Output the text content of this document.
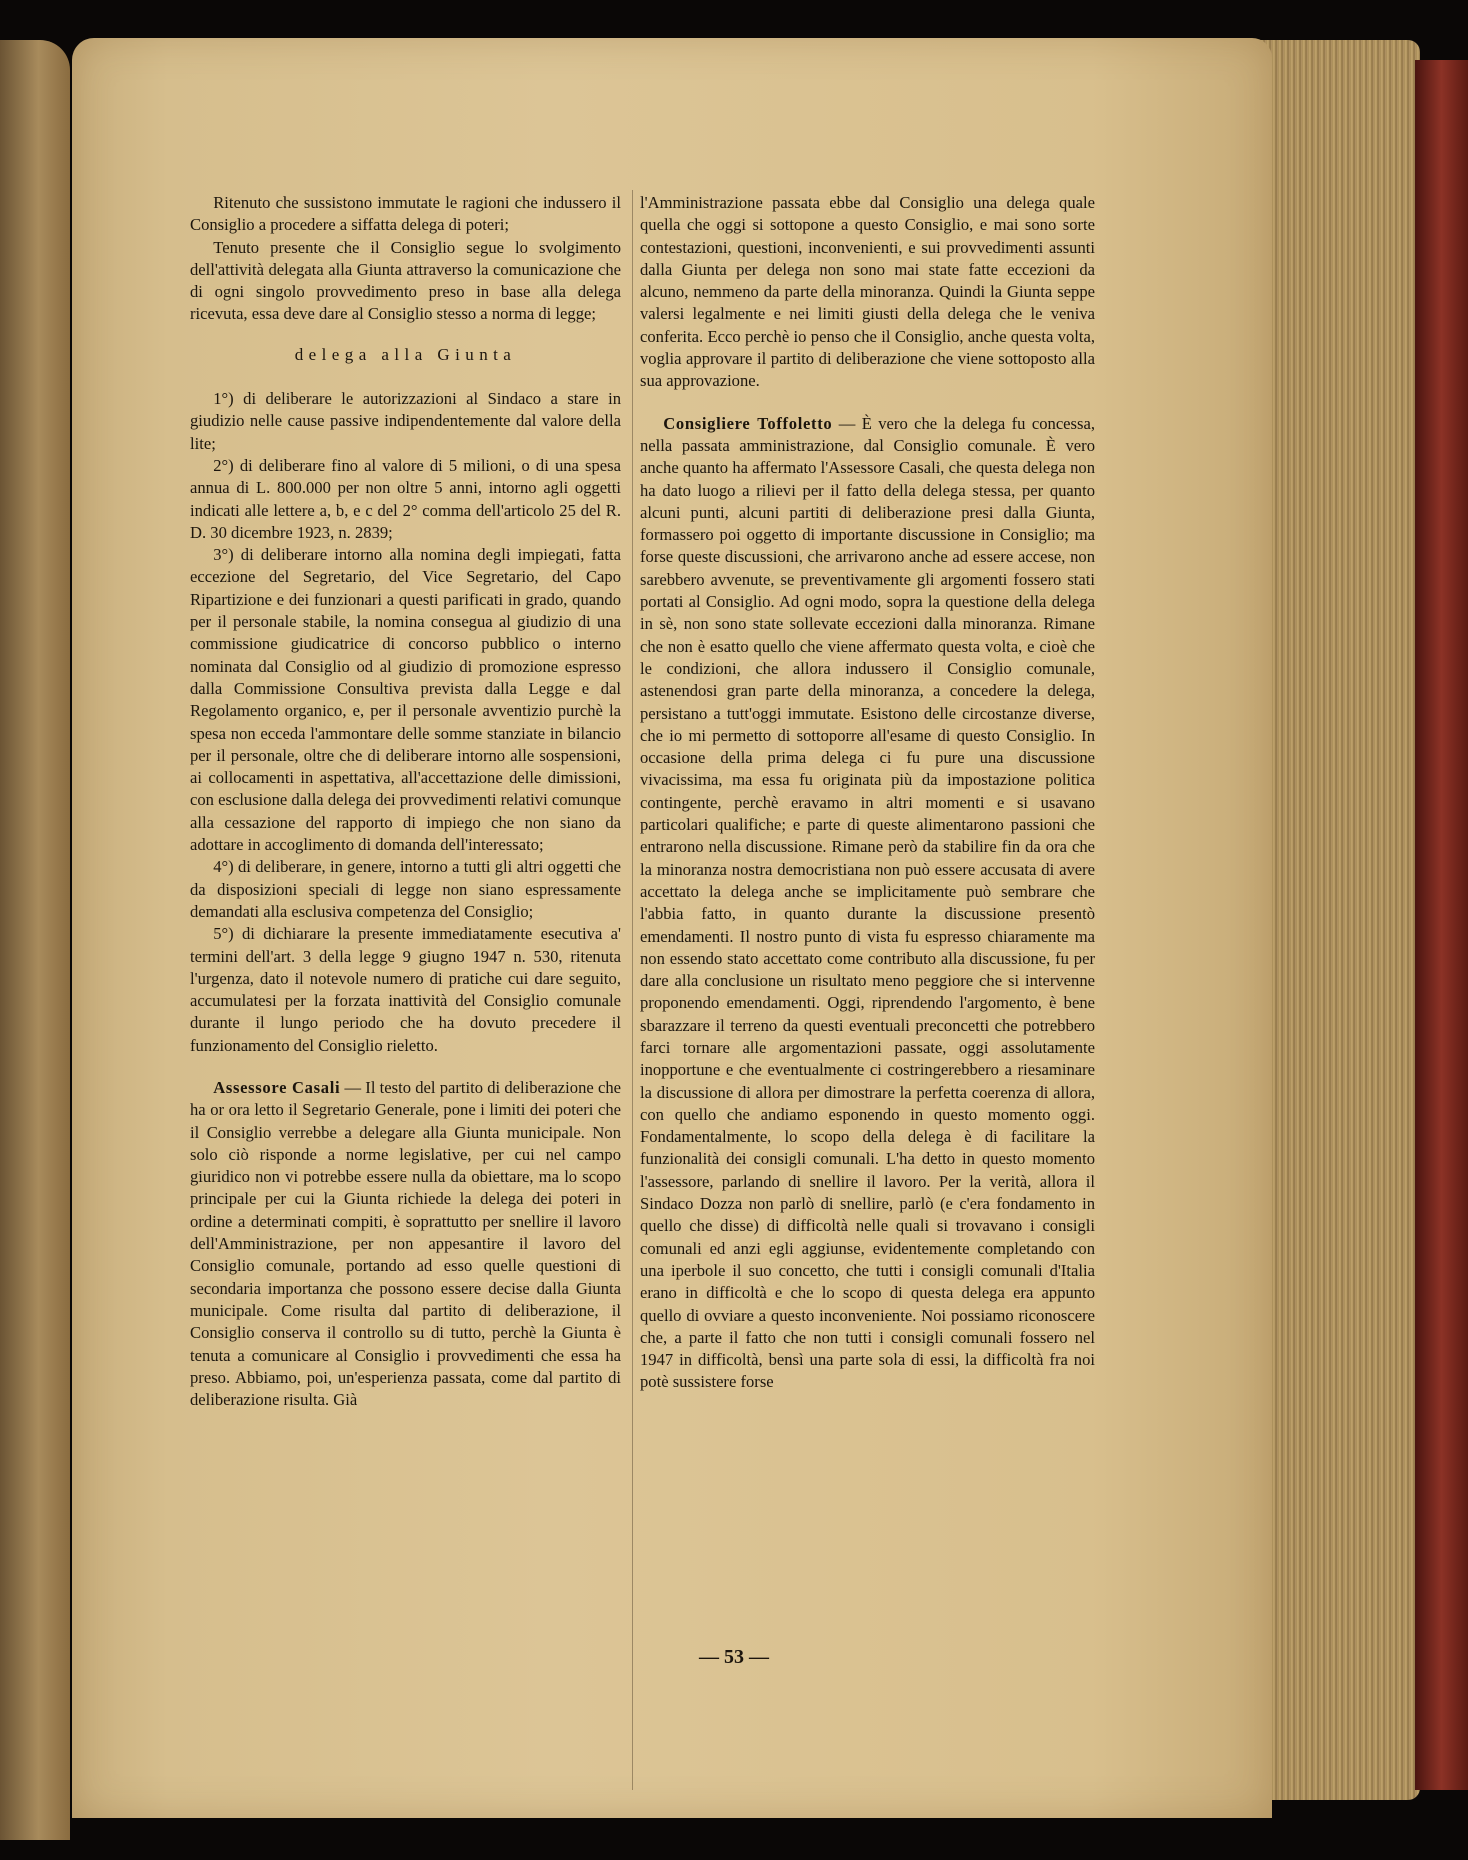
Ritenuto che sussistono immutate le ragioni che indussero il Consiglio a procedere a siffatta delega di poteri;

Tenuto presente che il Consiglio segue lo svolgimento dell'attività delegata alla Giunta attraverso la comunicazione che di ogni singolo provvedimento preso in base alla delega ricevuta, essa deve dare al Consiglio stesso a norma di legge;

delega alla Giunta

1°) di deliberare le autorizzazioni al Sindaco a stare in giudizio nelle cause passive indipendentemente dal valore della lite;

2°) di deliberare fino al valore di 5 milioni, o di una spesa annua di L. 800.000 per non oltre 5 anni, intorno agli oggetti indicati alle lettere a, b, e c del 2° comma dell'articolo 25 del R. D. 30 dicembre 1923, n. 2839;

3°) di deliberare intorno alla nomina degli impiegati, fatta eccezione del Segretario, del Vice Segretario, del Capo Ripartizione e dei funzionari a questi parificati in grado, quando per il personale stabile, la nomina consegua al giudizio di una commissione giudicatrice di concorso pubblico o interno nominata dal Consiglio od al giudizio di promozione espresso dalla Commissione Consultiva prevista dalla Legge e dal Regolamento organico, e, per il personale avventizio purchè la spesa non ecceda l'ammontare delle somme stanziate in bilancio per il personale, oltre che di deliberare intorno alle sospensioni, ai collocamenti in aspettativa, all'accettazione delle dimissioni, con esclusione dalla delega dei provvedimenti relativi comunque alla cessazione del rapporto di impiego che non siano da adottare in accoglimento di domanda dell'interessato;

4°) di deliberare, in genere, intorno a tutti gli altri oggetti che da disposizioni speciali di legge non siano espressamente demandati alla esclusiva competenza del Consiglio;

5°) di dichiarare la presente immediatamente esecutiva a' termini dell'art. 3 della legge 9 giugno 1947 n. 530, ritenuta l'urgenza, dato il notevole numero di pratiche cui dare seguito, accumulatesi per la forzata inattività del Consiglio comunale durante il lungo periodo che ha dovuto precedere il funzionamento del Consiglio rieletto.

Assessore Casali — Il testo del partito di deliberazione che ha or ora letto il Segretario Generale, pone i limiti dei poteri che il Consiglio verrebbe a delegare alla Giunta municipale. Non solo ciò risponde a norme legislative, per cui nel campo giuridico non vi potrebbe essere nulla da obiettare, ma lo scopo principale per cui la Giunta richiede la delega dei poteri in ordine a determinati compiti, è soprattutto per snellire il lavoro dell'Amministrazione, per non appesantire il lavoro del Consiglio comunale, portando ad esso quelle questioni di secondaria importanza che possono essere decise dalla Giunta municipale. Come risulta dal partito di deliberazione, il Consiglio conserva il controllo su di tutto, perchè la Giunta è tenuta a comunicare al Consiglio i provvedimenti che essa ha preso. Abbiamo, poi, un'esperienza passata, come dal partito di deliberazione risulta. Già

l'Amministrazione passata ebbe dal Consiglio una delega quale quella che oggi si sottopone a questo Consiglio, e mai sono sorte contestazioni, questioni, inconvenienti, e sui provvedimenti assunti dalla Giunta per delega non sono mai state fatte eccezioni da alcuno, nemmeno da parte della minoranza. Quindi la Giunta seppe valersi legalmente e nei limiti giusti della delega che le veniva conferita. Ecco perchè io penso che il Consiglio, anche questa volta, voglia approvare il partito di deliberazione che viene sottoposto alla sua approvazione.

Consigliere Toffoletto — È vero che la delega fu concessa, nella passata amministrazione, dal Consiglio comunale. È vero anche quanto ha affermato l'Assessore Casali, che questa delega non ha dato luogo a rilievi per il fatto della delega stessa, per quanto alcuni punti, alcuni partiti di deliberazione presi dalla Giunta, formassero poi oggetto di importante discussione in Consiglio; ma forse queste discussioni, che arrivarono anche ad essere accese, non sarebbero avvenute, se preventivamente gli argomenti fossero stati portati al Consiglio. Ad ogni modo, sopra la questione della delega in sè, non sono state sollevate eccezioni dalla minoranza. Rimane che non è esatto quello che viene affermato questa volta, e cioè che le condizioni, che allora indussero il Consiglio comunale, astenendosi gran parte della minoranza, a concedere la delega, persistano a tutt'oggi immutate. Esistono delle circostanze diverse, che io mi permetto di sottoporre all'esame di questo Consiglio. In occasione della prima delega ci fu pure una discussione vivacissima, ma essa fu originata più da impostazione politica contingente, perchè eravamo in altri momenti e si usavano particolari qualifiche; e parte di queste alimentarono passioni che entrarono nella discussione. Rimane però da stabilire fin da ora che la minoranza nostra democristiana non può essere accusata di avere accettato la delega anche se implicitamente può sembrare che l'abbia fatto, in quanto durante la discussione presentò emendamenti. Il nostro punto di vista fu espresso chiaramente ma non essendo stato accettato come contributo alla discussione, fu per dare alla conclusione un risultato meno peggiore che si intervenne proponendo emendamenti. Oggi, riprendendo l'argomento, è bene sbarazzare il terreno da questi eventuali preconcetti che potrebbero farci tornare alle argomentazioni passate, oggi assolutamente inopportune e che eventualmente ci costringerebbero a riesaminare la discussione di allora per dimostrare la perfetta coerenza di allora, con quello che andiamo esponendo in questo momento oggi. Fondamentalmente, lo scopo della delega è di facilitare la funzionalità dei consigli comunali. L'ha detto in questo momento l'assessore, parlando di snellire il lavoro. Per la verità, allora il Sindaco Dozza non parlò di snellire, parlò (e c'era fondamento in quello che disse) di difficoltà nelle quali si trovavano i consigli comunali ed anzi egli aggiunse, evidentemente completando con una iperbole il suo concetto, che tutti i consigli comunali d'Italia erano in difficoltà e che lo scopo di questa delega era appunto quello di ovviare a questo inconveniente. Noi possiamo riconoscere che, a parte il fatto che non tutti i consigli comunali fossero nel 1947 in difficoltà, bensì una parte sola di essi, la difficoltà fra noi potè sussistere forse

— 53 —
